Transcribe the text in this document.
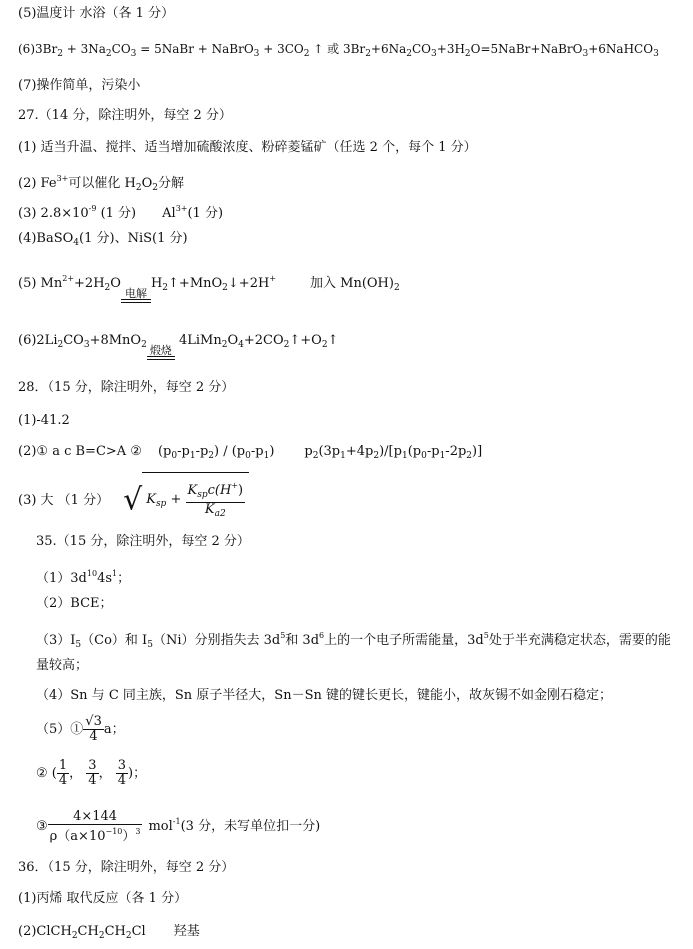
(5)温度计 水浴（各 1 分）
$(6)3Br_2 + 3Na_2CO_3$ = 5NaBr + NaBrO$_3$ + $3CO_2$ ↑ 或 $3Br_2+6Na_2CO_3+3H_2O=5NaBr+NaBrO_3+6NaHCO_3$
(7)操作简单，污染小
27.（14 分，除注明外，每空 2 分）
(1) 适当升温、搅拌、适当增加硫酸浓度、粉碎菱锰矿（任选 2 个，每个 1 分）
(2) $Fe^{3+}$可以催化 $H_2O_2$分解
(3) $2.8\times 10^{-9}$ (1 分) $Al^{3+}(1$ 分)
(4)BaSO$_4$(1 分)、NiS(1 分)
(5) $Mn^{2+}+2H_2O$
电解
$H_2↑+MnO_2↓+2H^+$	加入 $Mn(OH)_2$
$(6)2Li_2CO_3+8MnO_2$ 煅烧
$4LiMn_2O_4+2CO_2↑+O_2↑$
28．（15 分，除注明外，每空 2 分）
(1)-41.2
(2)① a c B=C>A ② $(p_0-p_1-p_2) / (p_0-p_1)$ $p_2(3p_1+4p_2)/[p_1(p_0-p_1-2p_2)]$
(3) 大 （1 分） √ $K_{sp} + \frac{K_{sp}c(H^+)}{K_{a2}}$
35.（15 分，除注明外，每空 2 分）
$(1)3d^{10}4s^1$；
（2）BCE；
$(3)I_5(Co)$和 $I_5(Ni)$分别指失去 $3d^5$和 $3d^6$上的一个电子所需能量，$3d^5$处于半充满稳定状态，需要的能
量较高；
（4）Sn 与 C 同主族，Sn 原子半径大，Sn－Sn 键的键长更长，键能小，故灰锡不如金刚石稳定；
（5）① $\frac{√3}{4}$ a；
② ( $\frac{1}{4}$ ， $\frac{3}{4}$ ， $\frac{3}{4}$ )；
③ $\frac{4\times 144}{\rho(a\times 10^{-10})^3} mol^{-1}(3$ 分，未写单位扣一分)
36．（15 分，除注明外，每空 2 分）
(1)丙烯 取代反应（各 1 分）
$(2)ClCH_2CH_2CH_2Cl$ 羟基
